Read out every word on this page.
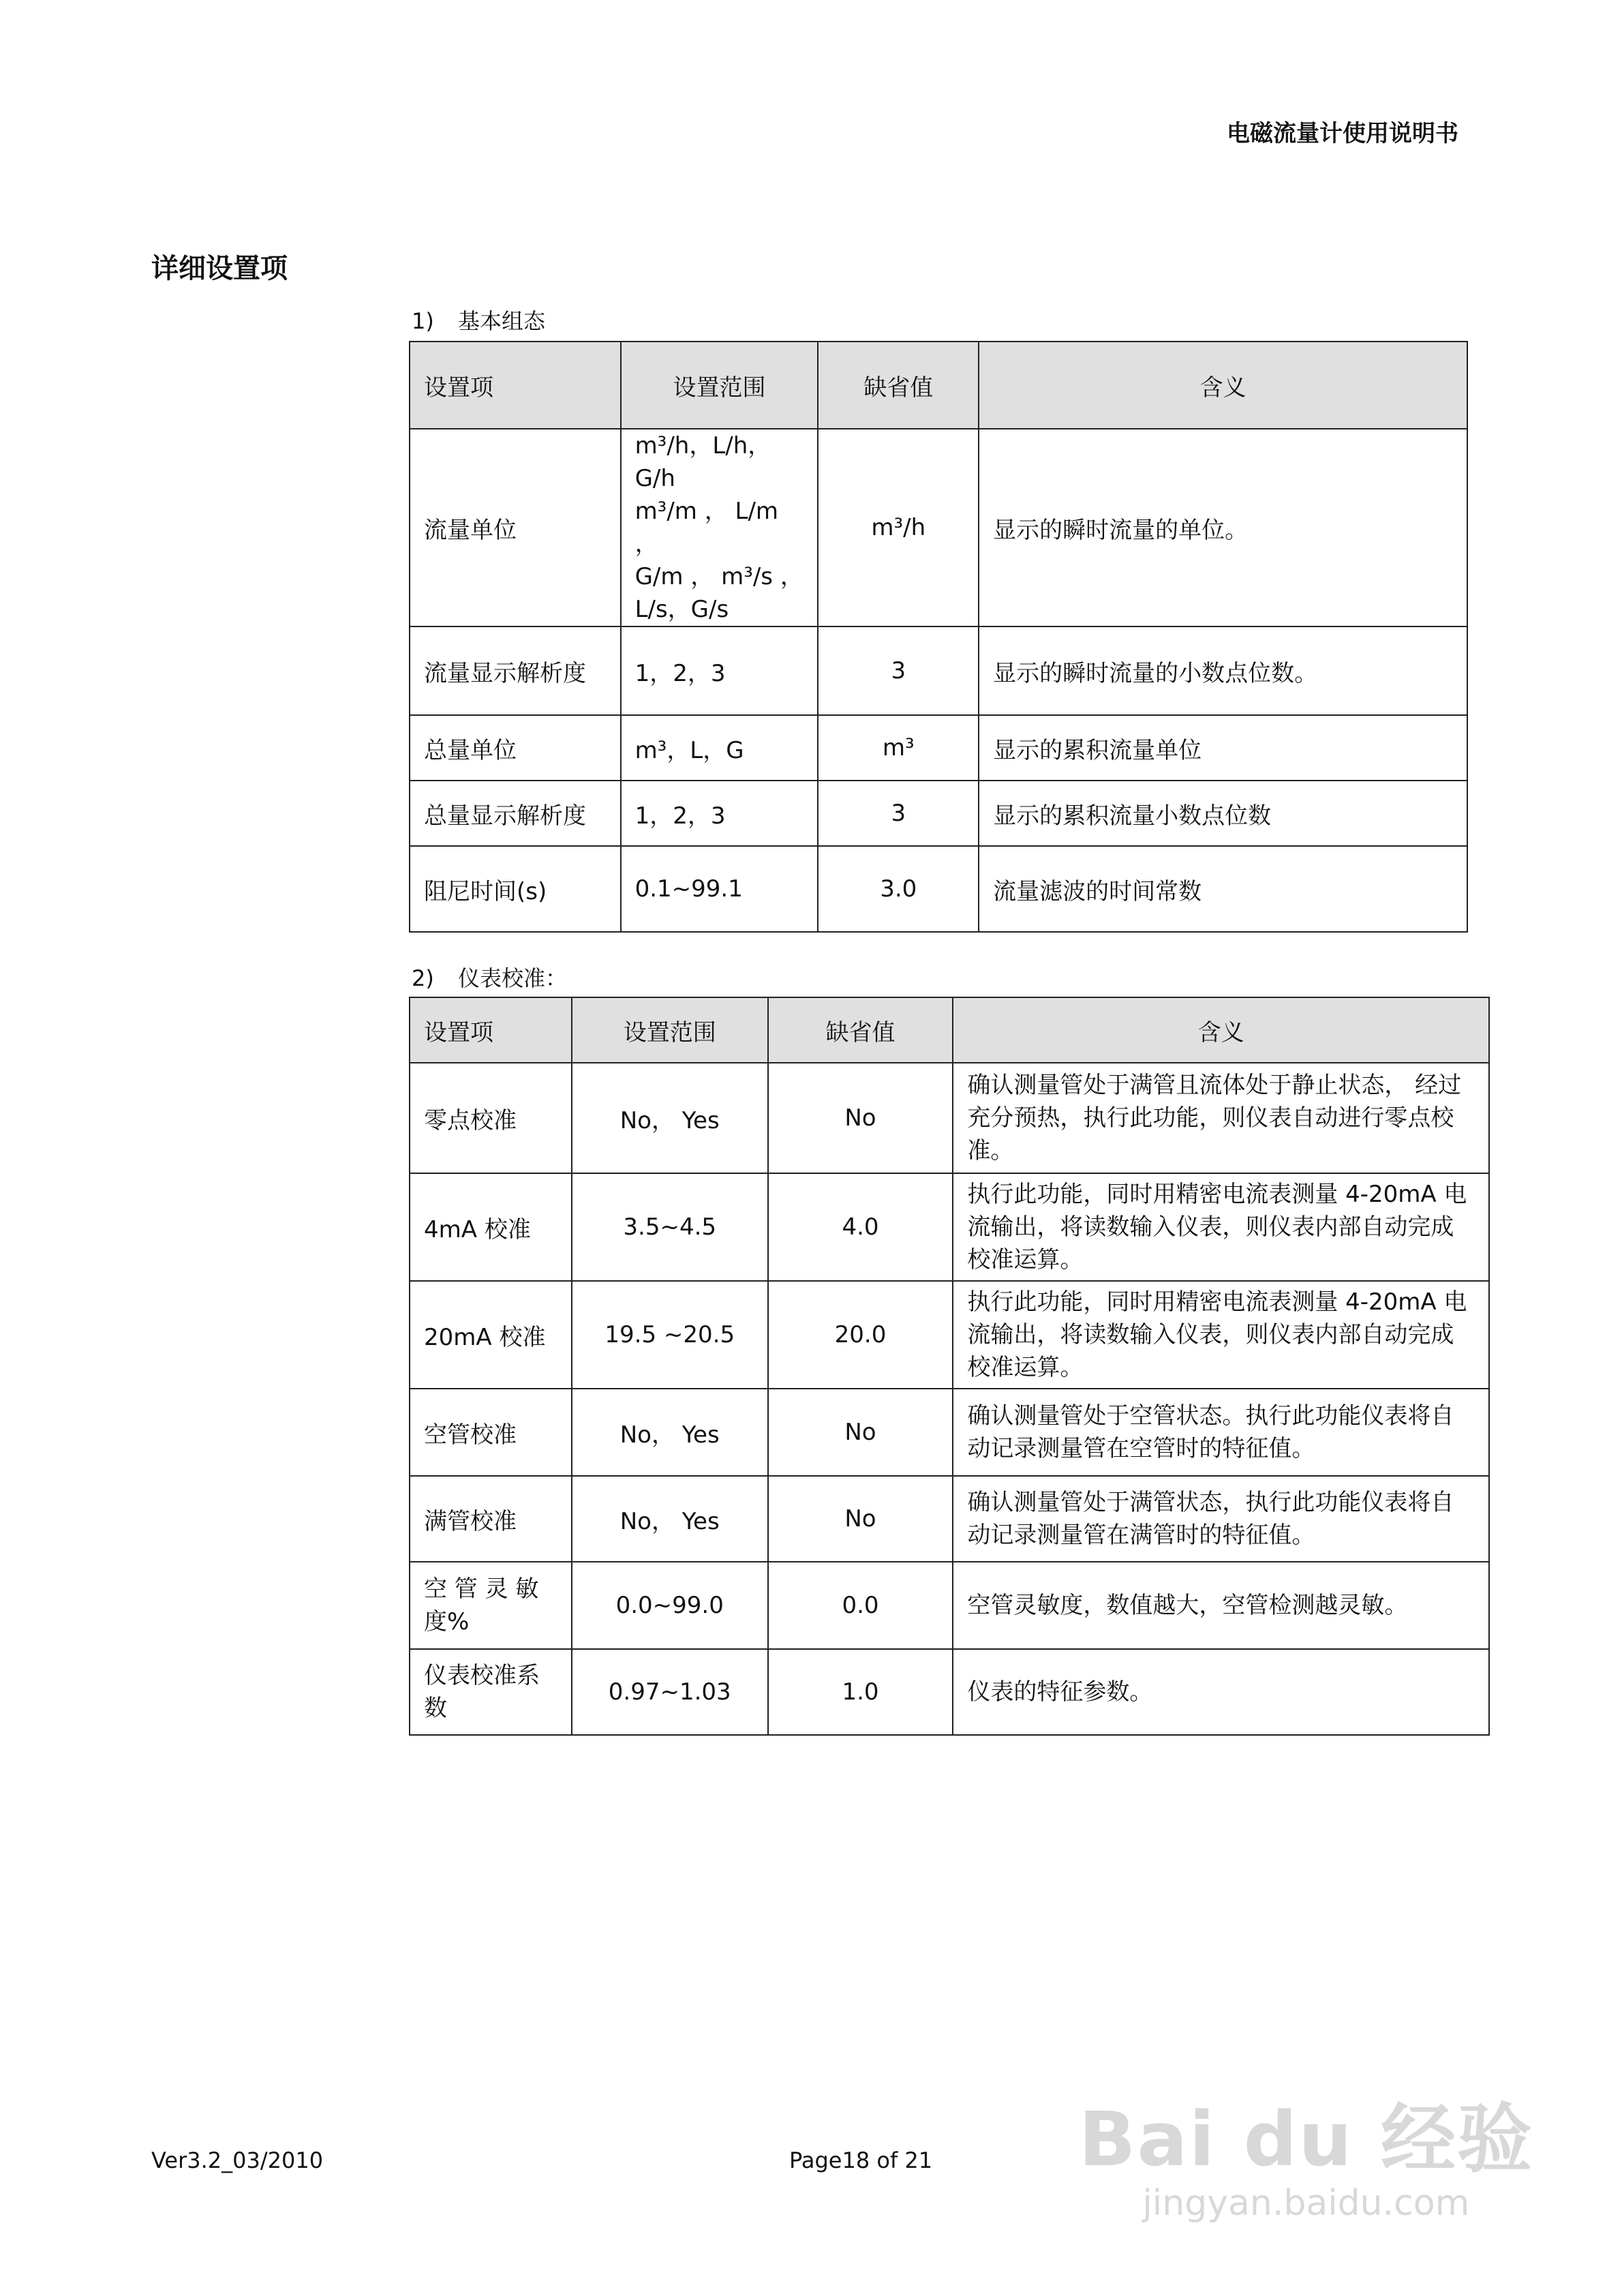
电磁流量计使用说明书
详细设置项
1) 基本组态
设置项	设置范围	缺省值	含义
流量单位	m³/h，L/h，G/h
m³/m ， L/m ，
G/m ， m³/s ，
L/s，G/s	m³/h	显示的瞬时流量的单位。
流量显示解析度	1，2，3	3	显示的瞬时流量的小数点位数。
总量单位	m³，L，G	m³	显示的累积流量单位
总量显示解析度	1，2，3	3	显示的累积流量小数点位数
阻尼时间(s)	0.1~99.1	3.0	流量滤波的时间常数
2) 仪表校准：
设置项	设置范围	缺省值	含义
零点校准	No， Yes	No	确认测量管处于满管且流体处于静止状态， 经过充分预热，执行此功能，则仪表自动进行零点校准。
4mA 校准	3.5~4.5	4.0	执行此功能，同时用精密电流表测量 4-20mA 电流输出，将读数输入仪表，则仪表内部自动完成校准运算。
20mA 校准	19.5 ~20.5	20.0	执行此功能，同时用精密电流表测量 4-20mA 电流输出，将读数输入仪表，则仪表内部自动完成校准运算。
空管校准	No， Yes	No	确认测量管处于空管状态。执行此功能仪表将自动记录测量管在空管时的特征值。
满管校准	No， Yes	No	确认测量管处于满管状态，执行此功能仪表将自动记录测量管在满管时的特征值。
空 管 灵 敏 度%	0.0~99.0	0.0	空管灵敏度，数值越大，空管检测越灵敏。
仪表校准系数	0.97~1.03	1.0	仪表的特征参数。
Ver3.2_03/2010	Page18 of 21 Bai du 经验
jingyan.baidu.com
